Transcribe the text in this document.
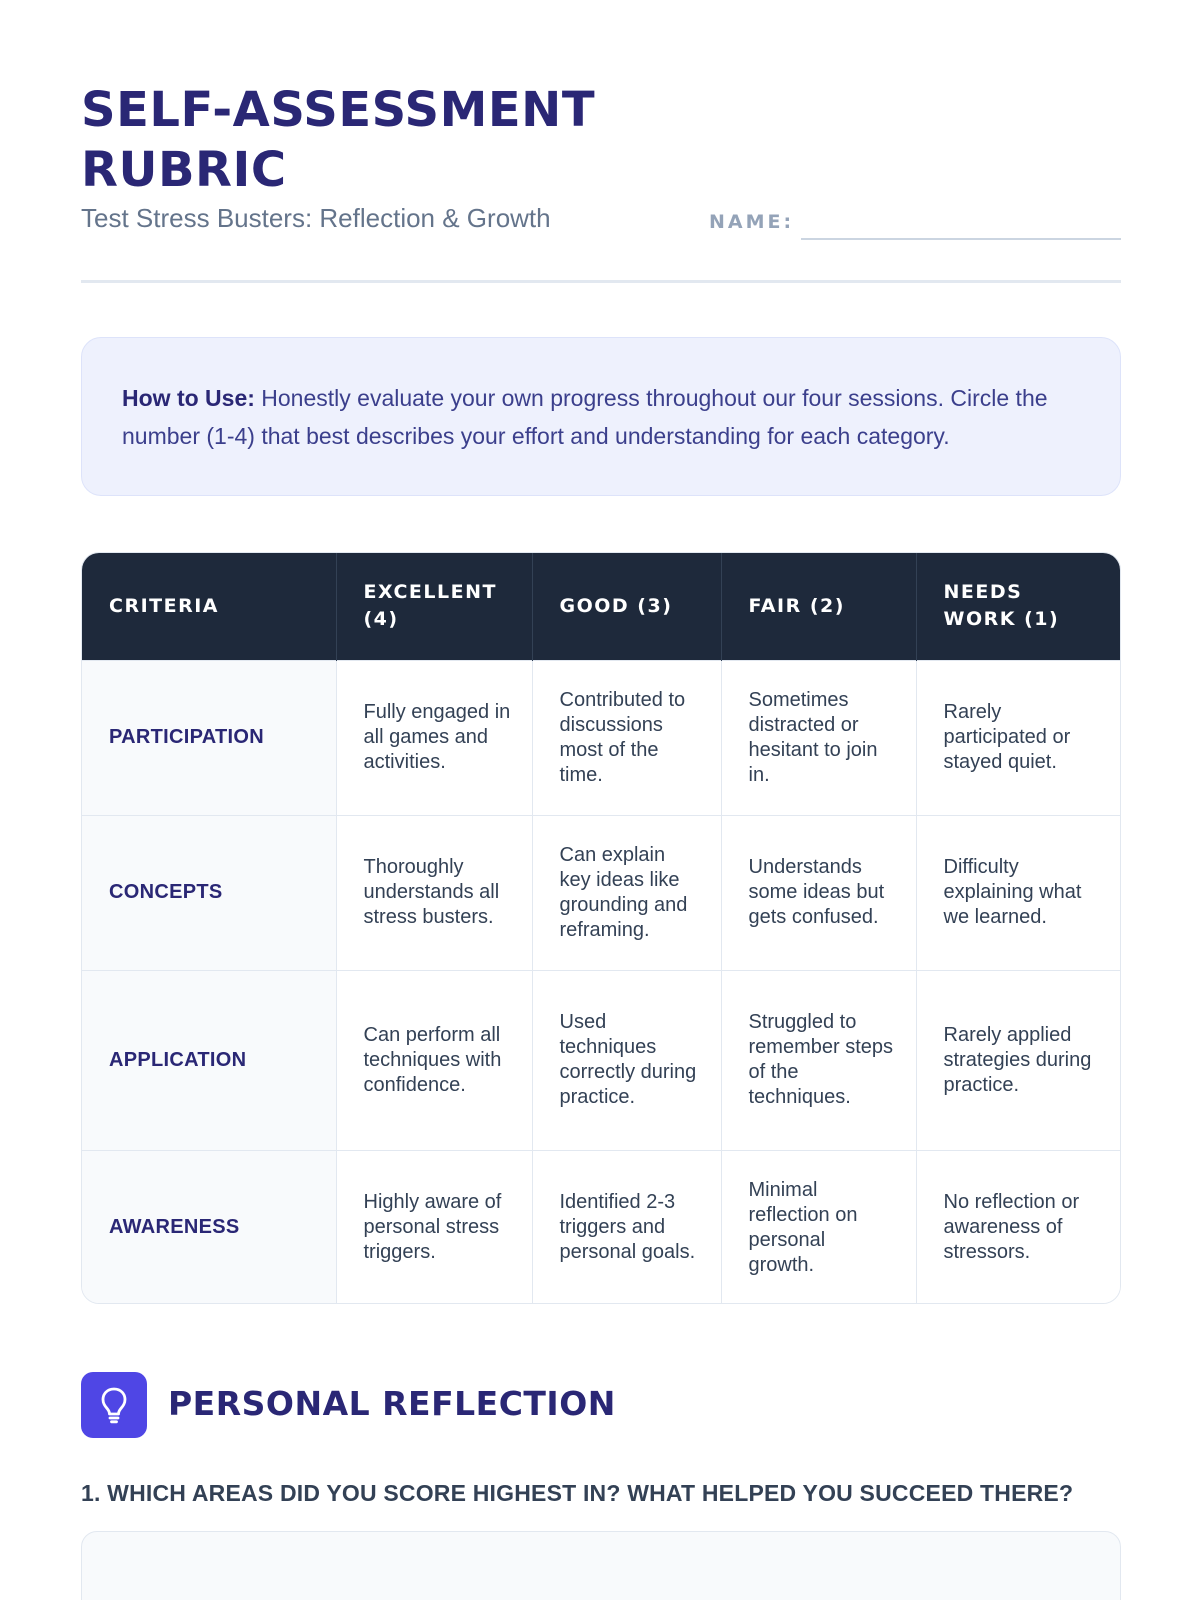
SELF-ASSESSMENT RUBRIC
Test Stress Busters: Reflection & Growth	NAME:

How to Use: Honestly evaluate your own progress throughout our four sessions. Circle the number (1-4) that best describes your effort and understanding for each category.

CRITERIA	EXCELLENT (4)	GOOD (3)	FAIR (2)	NEEDS WORK (1)
PARTICIPATION	Fully engaged in all games and activities.	Contributed to discussions most of the time.	Sometimes distracted or hesitant to join in.	Rarely participated or stayed quiet.
CONCEPTS	Thoroughly understands all stress busters.	Can explain key ideas like grounding and reframing.	Understands some ideas but gets confused.	Difficulty explaining what we learned.
APPLICATION	Can perform all techniques with confidence.	Used techniques correctly during practice.	Struggled to remember steps of the techniques.	Rarely applied strategies during practice.
AWARENESS	Highly aware of personal stress triggers.	Identified 2-3 triggers and personal goals.	Minimal reflection on personal growth.	No reflection or awareness of stressors.
PERSONAL REFLECTION
1. WHICH AREAS DID YOU SCORE HIGHEST IN? WHAT HELPED YOU SUCCEED THERE?
